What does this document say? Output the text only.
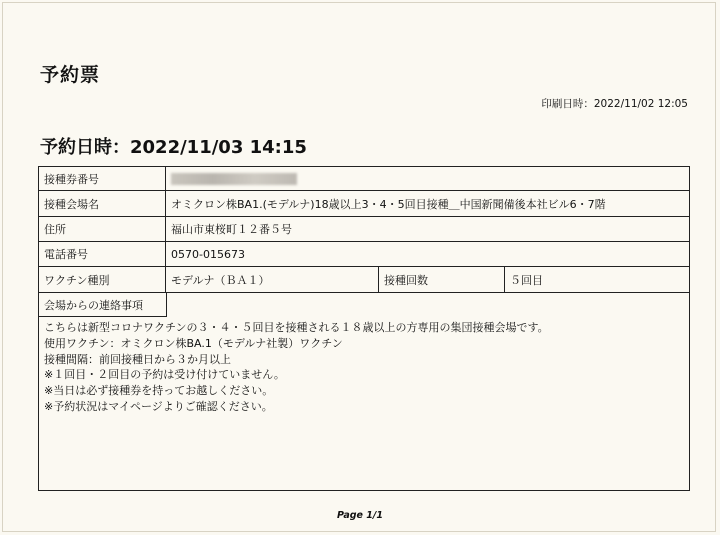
予約票
印刷日時：2022/11/02 12:05
予約日時：2022/11/03 14:15
接種券番号
接種会場名	オミクロン株BA1.(モデルナ)18歳以上3・4・5回目接種＿中国新聞備後本社ビル6・7階
住所	福山市東桜町１２番５号
電話番号	0570-015673
ワクチン種別	モデルナ（ＢＡ１）	接種回数	５回目
会場からの連絡事項
こちらは新型コロナワクチンの３・４・５回目を接種される１８歳以上の方専用の集団接種会場です。
使用ワクチン：オミクロン株BA.1（モデルナ社製）ワクチン
接種間隔：前回接種日から３か月以上
※１回目・２回目の予約は受け付けていません。
※当日は必ず接種券を持ってお越しください。
※予約状況はマイページよりご確認ください。
Page 1/1
